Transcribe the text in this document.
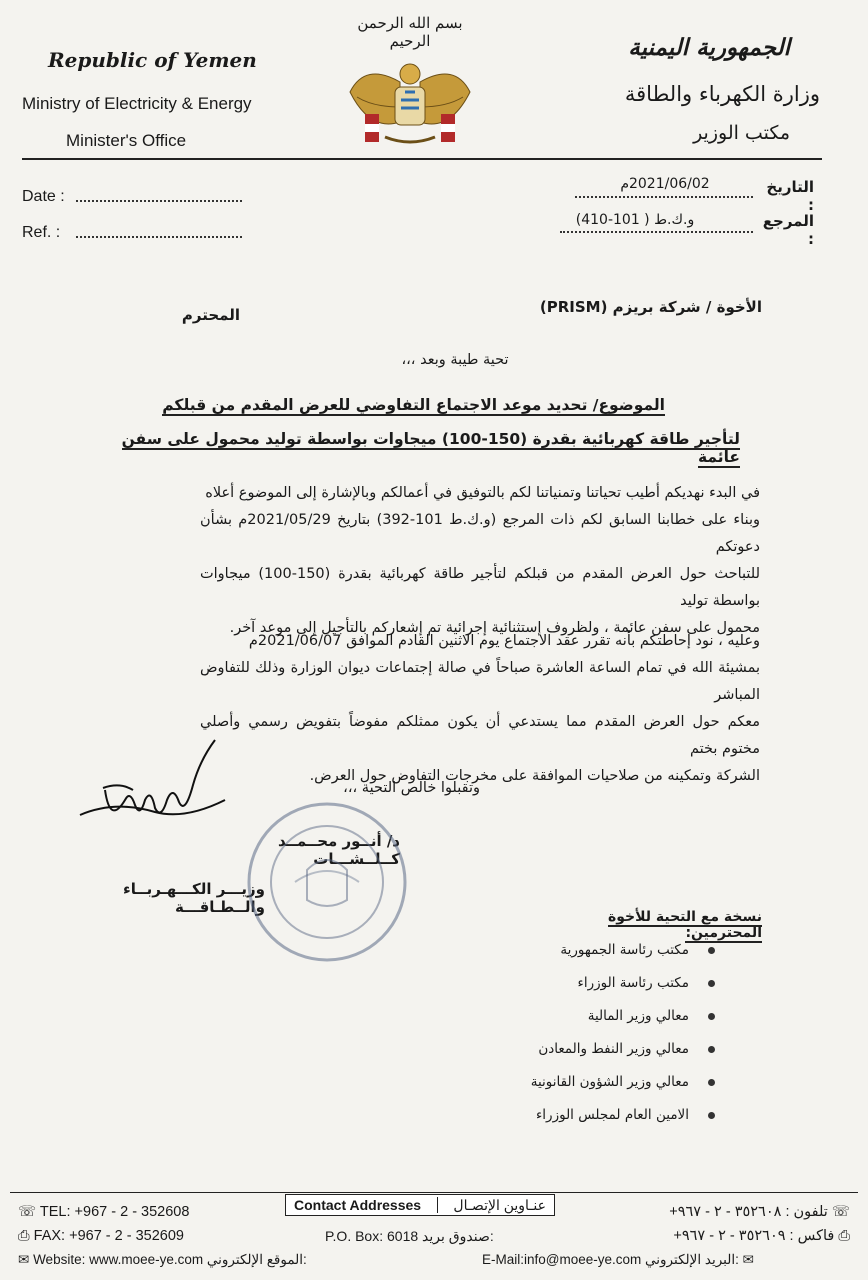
Republic of Yemen
Ministry of Electricity & Energy
Minister's Office
بسم الله الرحمن الرحيم	الجمهورية اليمنية
وزارة الكهرباء والطاقة
مكتب الوزير
Date :
Ref. :
التاريخ :
2021/06/02م
المرجع :
و.ك.ط ( 101-410)
الأخوة / شركة بريزم (PRISM)
المحترم
تحية طيبة وبعد ،،،
الموضوع/ تحديد موعد الاجتماع التفاوضي للعرض المقدم من قبلكم
لتأجير طاقة كهربائية بقدرة (150-100) ميجاوات بواسطة توليد محمول على سفن عائمة
في البدء نهديكم أطيب تحياتنا وتمنياتنا لكم بالتوفيق في أعمالكم وبالإشارة إلى الموضوع أعلاه
وبناء على خطابنا السابق لكم ذات المرجع (و.ك.ط 101-392) بتاريخ 2021/05/29م بشأن دعوتكم
للتباحث حول العرض المقدم من قبلكم لتأجير طاقة كهربائية بقدرة (150-100) ميجاوات بواسطة توليد
محمول على سفن عائمة ، ولظروف إستثنائية إجرائية تم إشعاركم بالتأجيل إلى موعد آخر.
وعليه ، نود إحاطتكم بأنه تقرر عقد الاجتماع يوم الاثنين القادم الموافق 2021/06/07م
بمشيئة الله في تمام الساعة العاشرة صباحاً في صالة إجتماعات ديوان الوزارة وذلك للتفاوض المباشر
معكم حول العرض المقدم مما يستدعي أن يكون ممثلكم مفوضاً بتفويض رسمي وأصلي مختوم بختم
الشركة وتمكينه من صلاحيات الموافقة على مخرجات التفاوض حول العرض.
وتقبلوا خالص التحية ،،،
د/ أنــور محــمــد كــلــشـــات
وزيـــر الكـــهـربــاء والــطـاقـــة
نسخة مع التحية للأخوة المحترمين:
مكتب رئاسة الجمهورية
مكتب رئاسة الوزراء
معالي وزير المالية
معالي وزير النفط والمعادن
معالي وزير الشؤون القانونية
الامين العام لمجلس الوزراء
☏ TEL: +967 - 2 - 352608
⎙ FAX: +967 - 2 - 352609
✉ Website: www.moee-ye.com الموقع الإلكتروني:
Contact Addresses عنـاوين الإتصـال
P.O. Box: 6018 صندوق بريد:
☏ تلفون : ٣٥٢٦٠٨ - ٢ - ٩٦٧+
⎙ فاكس : ٣٥٢٦٠٩ - ٢ - ٩٦٧+
E-Mail:info@moee-ye.com البريد الإلكتروني: ✉
